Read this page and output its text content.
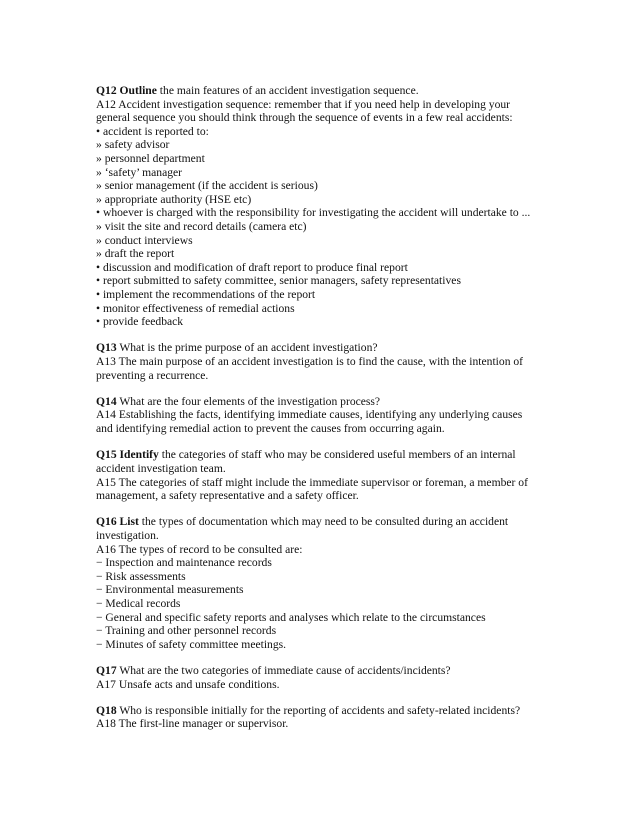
Q12 Outline the main features of an accident investigation sequence.
A12 Accident investigation sequence: remember that if you need help in developing your
general sequence you should think through the sequence of events in a few real accidents:
• accident is reported to:
» safety advisor
» personnel department
» ‘safety’ manager
» senior management (if the accident is serious)
» appropriate authority (HSE etc)
• whoever is charged with the responsibility for investigating the accident will undertake to ...
» visit the site and record details (camera etc)
» conduct interviews
» draft the report
• discussion and modification of draft report to produce final report
• report submitted to safety committee, senior managers, safety representatives
• implement the recommendations of the report
• monitor effectiveness of remedial actions
• provide feedback
Q13 What is the prime purpose of an accident investigation?
A13 The main purpose of an accident investigation is to find the cause, with the intention of
preventing a recurrence.
Q14 What are the four elements of the investigation process?
A14 Establishing the facts, identifying immediate causes, identifying any underlying causes
and identifying remedial action to prevent the causes from occurring again.
Q15 Identify the categories of staff who may be considered useful members of an internal
accident investigation team.
A15 The categories of staff might include the immediate supervisor or foreman, a member of
management, a safety representative and a safety officer.
Q16 List the types of documentation which may need to be consulted during an accident
investigation.
A16 The types of record to be consulted are:
− Inspection and maintenance records
− Risk assessments
− Environmental measurements
− Medical records
− General and specific safety reports and analyses which relate to the circumstances
− Training and other personnel records
− Minutes of safety committee meetings.
Q17 What are the two categories of immediate cause of accidents/incidents?
A17 Unsafe acts and unsafe conditions.
Q18 Who is responsible initially for the reporting of accidents and safety-related incidents?
A18 The first-line manager or supervisor.
